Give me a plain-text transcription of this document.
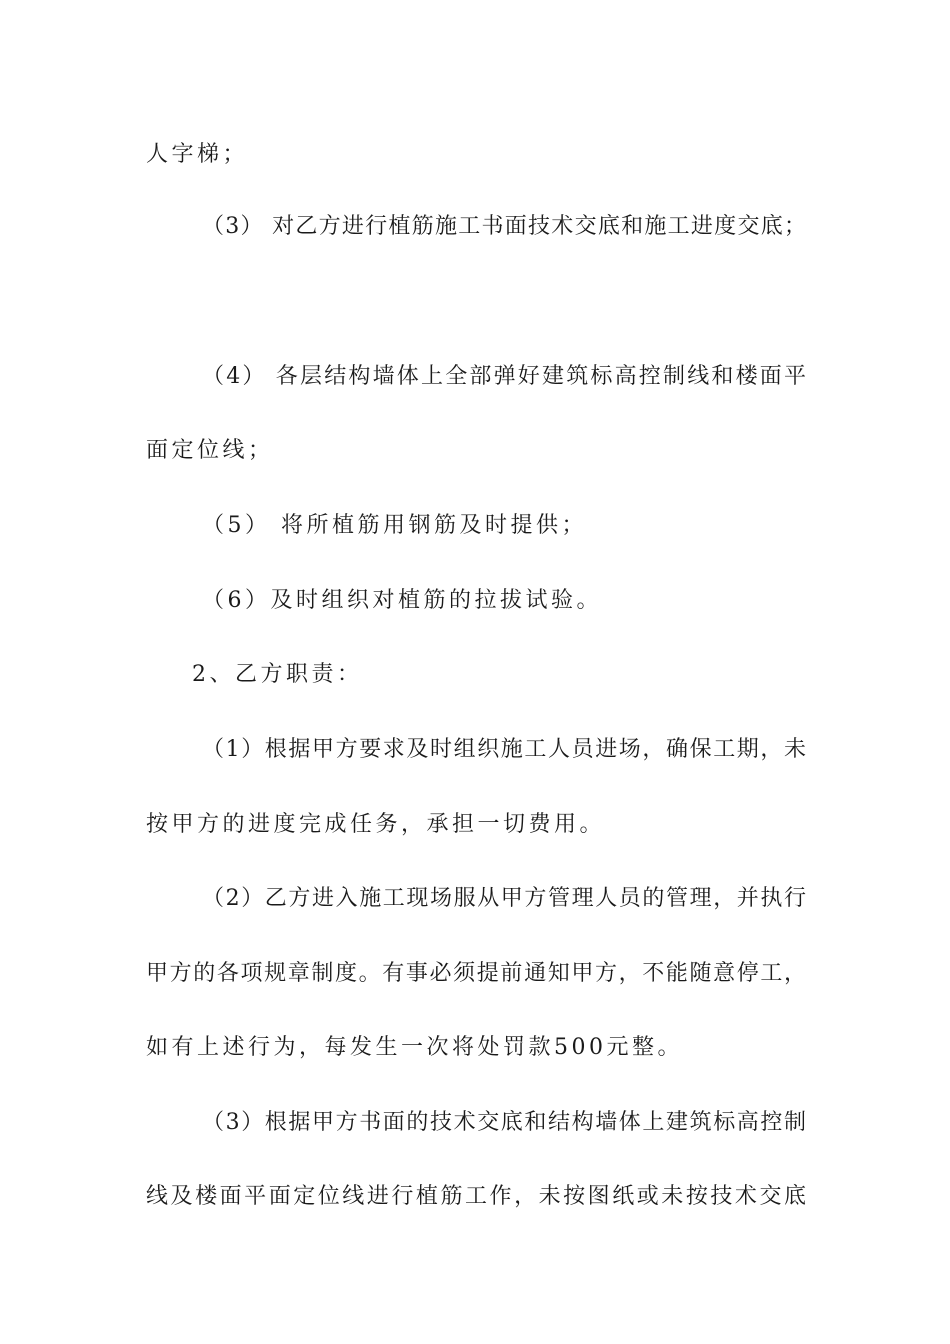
人字梯；
（3） 对乙方进行植筋施工书面技术交底和施工进度交底；
（4） 各层结构墙体上全部弹好建筑标高控制线和楼面平
面定位线；
（5） 将所植筋用钢筋及时提供；
（6）及时组织对植筋的拉拔试验。
2、乙方职责：
（1）根据甲方要求及时组织施工人员进场，确保工期，未
按甲方的进度完成任务，承担一切费用。
（2）乙方进入施工现场服从甲方管理人员的管理，并执行
甲方的各项规章制度。有事必须提前通知甲方，不能随意停工，
如有上述行为，每发生一次将处罚款500元整。
（3）根据甲方书面的技术交底和结构墙体上建筑标高控制
线及楼面平面定位线进行植筋工作，未按图纸或未按技术交底
